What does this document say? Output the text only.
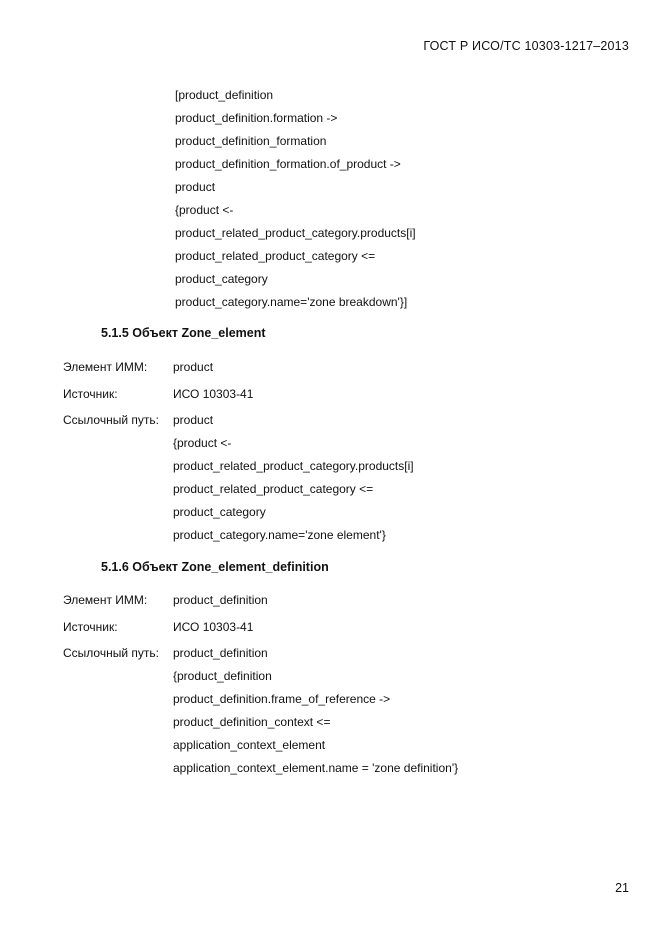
ГОСТ Р ИСО/ТС 10303-1217–2013
[product_definition
product_definition.formation ->
product_definition_formation
product_definition_formation.of_product ->
product
{product <-
product_related_product_category.products[i]
product_related_product_category <=
product_category
product_category.name='zone breakdown'}]
5.1.5 Объект Zone_element
Элемент ИММ: product
Источник:	ИСО 10303-41
Ссылочный путь: product
{product <-
product_related_product_category.products[i]
product_related_product_category <=
product_category
product_category.name='zone element'}
5.1.6 Объект Zone_element_definition
Элемент ИММ: product_definition
Источник:	ИСО 10303-41
Ссылочный путь: product_definition
{product_definition
product_definition.frame_of_reference ->
product_definition_context <=
application_context_element
application_context_element.name = 'zone definition'}
21
